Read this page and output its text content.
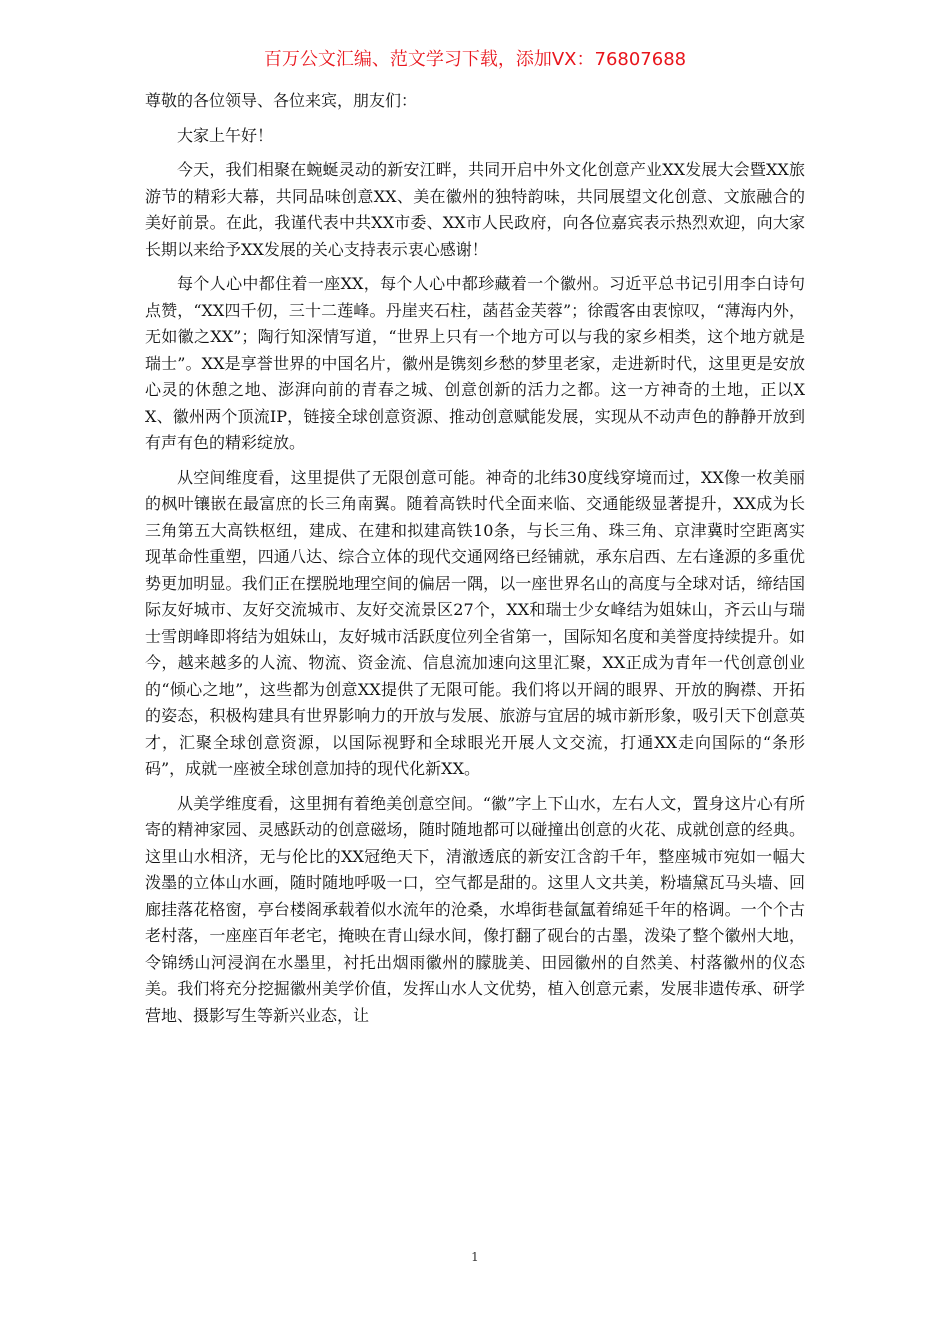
百万公文汇编、范文学习下载，添加VX：76807688

尊敬的各位领导、各位来宾，朋友们：

大家上午好！

今天，我们相聚在蜿蜒灵动的新安江畔，共同开启中外文化创意产业XX发展大会暨XX旅游节的精彩大幕，共同品味创意XX、美在徽州的独特韵味，共同展望文化创意、文旅融合的美好前景。在此，我谨代表中共XX市委、XX市人民政府，向各位嘉宾表示热烈欢迎，向大家长期以来给予XX发展的关心支持表示衷心感谢！

每个人心中都住着一座XX，每个人心中都珍藏着一个徽州。习近平总书记引用李白诗句点赞，“XX四千仞，三十二莲峰。丹崖夹石柱，菡萏金芙蓉”；徐霞客由衷惊叹，“薄海内外，无如徽之XX”；陶行知深情写道，“世界上只有一个地方可以与我的家乡相类，这个地方就是瑞士”。XX是享誉世界的中国名片，徽州是镌刻乡愁的梦里老家，走进新时代，这里更是安放心灵的休憩之地、澎湃向前的青春之城、创意创新的活力之都。这一方神奇的土地，正以XX、徽州两个顶流IP，链接全球创意资源、推动创意赋能发展，实现从不动声色的静静开放到有声有色的精彩绽放。

从空间维度看，这里提供了无限创意可能。神奇的北纬30度线穿境而过，XX像一枚美丽的枫叶镶嵌在最富庶的长三角南翼。随着高铁时代全面来临、交通能级显著提升，XX成为长三角第五大高铁枢纽，建成、在建和拟建高铁10条，与长三角、珠三角、京津冀时空距离实现革命性重塑，四通八达、综合立体的现代交通网络已经铺就，承东启西、左右逢源的多重优势更加明显。我们正在摆脱地理空间的偏居一隅，以一座世界名山的高度与全球对话，缔结国际友好城市、友好交流城市、友好交流景区27个，XX和瑞士少女峰结为姐妹山，齐云山与瑞士雪朗峰即将结为姐妹山，友好城市活跃度位列全省第一，国际知名度和美誉度持续提升。如今，越来越多的人流、物流、资金流、信息流加速向这里汇聚，XX正成为青年一代创意创业的“倾心之地”，这些都为创意XX提供了无限可能。我们将以开阔的眼界、开放的胸襟、开拓的姿态，积极构建具有世界影响力的开放与发展、旅游与宜居的城市新形象，吸引天下创意英才，汇聚全球创意资源，以国际视野和全球眼光开展人文交流，打通XX走向国际的“条形码”，成就一座被全球创意加持的现代化新XX。

从美学维度看，这里拥有着绝美创意空间。“徽”字上下山水，左右人文，置身这片心有所寄的精神家园、灵感跃动的创意磁场，随时随地都可以碰撞出创意的火花、成就创意的经典。这里山水相济，无与伦比的XX冠绝天下，清澈透底的新安江含韵千年，整座城市宛如一幅大泼墨的立体山水画，随时随地呼吸一口，空气都是甜的。这里人文共美，粉墙黛瓦马头墙、回廊挂落花格窗，亭台楼阁承载着似水流年的沧桑，水埠街巷氤氲着绵延千年的格调。一个个古老村落，一座座百年老宅，掩映在青山绿水间，像打翻了砚台的古墨，泼染了整个徽州大地，令锦绣山河浸润在水墨里，衬托出烟雨徽州的朦胧美、田园徽州的自然美、村落徽州的仪态美。我们将充分挖掘徽州美学价值，发挥山水人文优势，植入创意元素，发展非遗传承、研学营地、摄影写生等新兴业态，让

1
